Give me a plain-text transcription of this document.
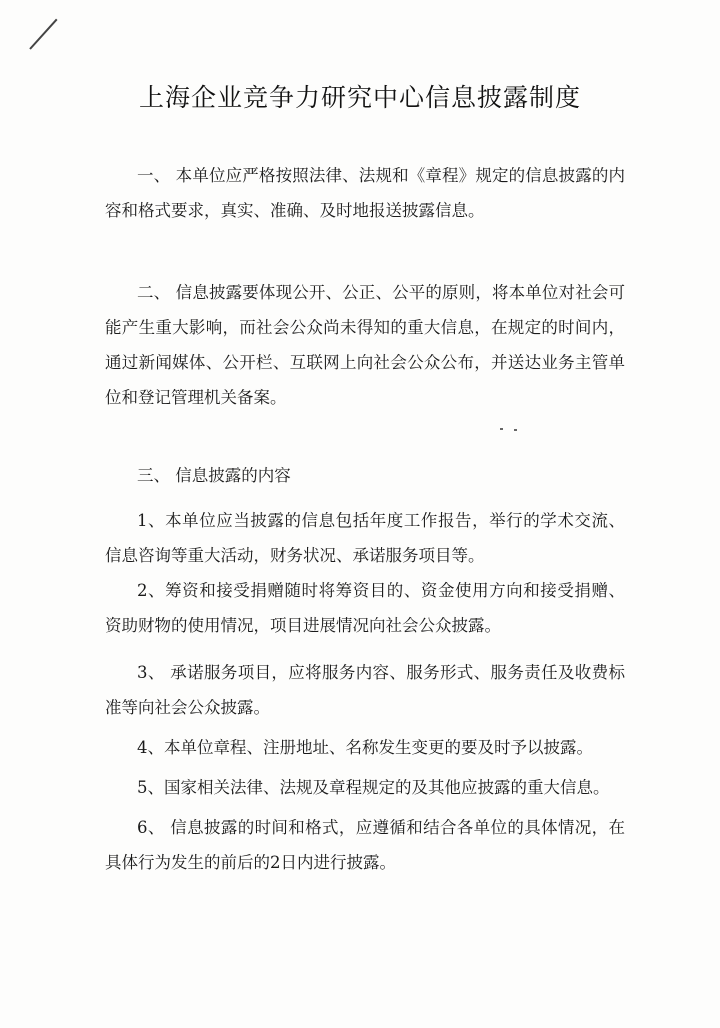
上海企业竞争力研究中心信息披露制度

一、 本单位应严格按照法律、法规和《章程》规定的信息披露的内容和格式要求，真实、准确、及时地报送披露信息。

二、 信息披露要体现公开、公正、公平的原则，将本单位对社会可能产生重大影响，而社会公众尚未得知的重大信息，在规定的时间内，通过新闻媒体、公开栏、互联网上向社会公众公布，并送达业务主管单位和登记管理机关备案。

三、 信息披露的内容

1、本单位应当披露的信息包括年度工作报告，举行的学术交流、信息咨询等重大活动，财务状况、承诺服务项目等。

2、筹资和接受捐赠随时将筹资目的、资金使用方向和接受捐赠、资助财物的使用情况，项目进展情况向社会公众披露。

3、 承诺服务项目，应将服务内容、服务形式、服务责任及收费标准等向社会公众披露。

4、本单位章程、注册地址、名称发生变更的要及时予以披露。

5、国家相关法律、法规及章程规定的及其他应披露的重大信息。

6、 信息披露的时间和格式，应遵循和结合各单位的具体情况，在具体行为发生的前后的2日内进行披露。
